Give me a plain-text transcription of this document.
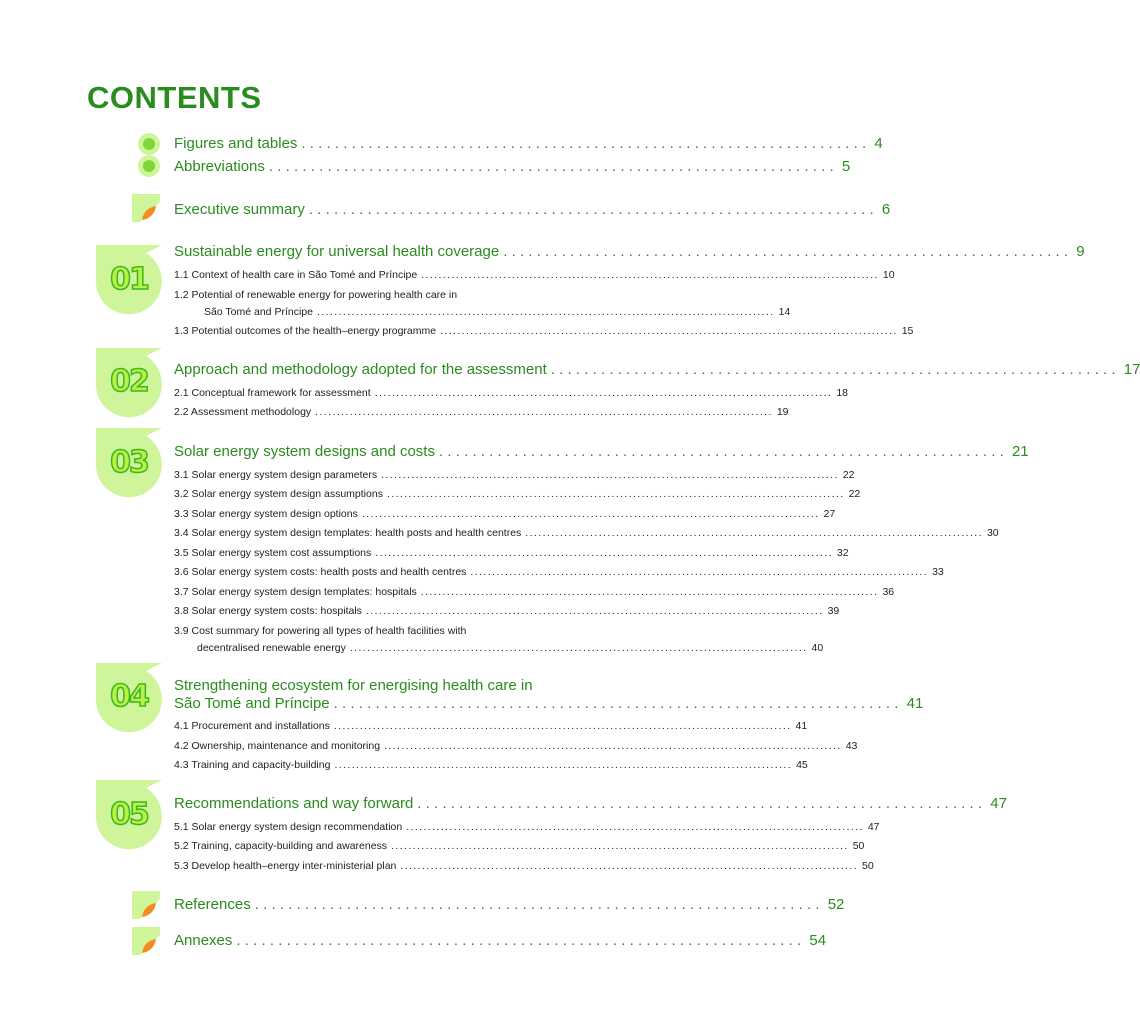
CONTENTS
Figures and tables .................................................................... 4
Abbreviations .................................................................... 5
Executive summary .................................................................... 6
01
Sustainable energy for universal health coverage .................................................................... 9
1.1 Context of health care in São Tomé and Príncipe .......................................................................................................... 10
1.2 Potential of renewable energy for powering health care in
São Tomé and Príncipe .......................................................................................................... 14
1.3 Potential outcomes of the health–energy programme .......................................................................................................... 15
02	Approach and methodology adopted for the assessment .................................................................... 17
2.1 Conceptual framework for assessment .......................................................................................................... 18
2.2 Assessment methodology .......................................................................................................... 19
03	Solar energy system designs and costs .................................................................... 21
3.1 Solar energy system design parameters .......................................................................................................... 22
3.2 Solar energy system design assumptions .......................................................................................................... 22
3.3 Solar energy system design options .......................................................................................................... 27
3.4 Solar energy system design templates: health posts and health centres .......................................................................................................... 30
3.5 Solar energy system cost assumptions .......................................................................................................... 32
3.6 Solar energy system costs: health posts and health centres .......................................................................................................... 33
3.7 Solar energy system design templates: hospitals .......................................................................................................... 36
3.8 Solar energy system costs: hospitals .......................................................................................................... 39
3.9 Cost summary for powering all types of health facilities with
decentralised renewable energy .......................................................................................................... 40
04	Strengthening ecosystem for energising health care in
São Tomé and Príncipe .................................................................... 41
4.1 Procurement and installations .......................................................................................................... 41
4.2 Ownership, maintenance and monitoring .......................................................................................................... 43
4.3 Training and capacity-building .......................................................................................................... 45
05	Recommendations and way forward .................................................................... 47
5.1 Solar energy system design recommendation .......................................................................................................... 47
5.2 Training, capacity-building and awareness .......................................................................................................... 50
5.3 Develop health–energy inter-ministerial plan .......................................................................................................... 50
References .................................................................... 52
Annexes .................................................................... 54
